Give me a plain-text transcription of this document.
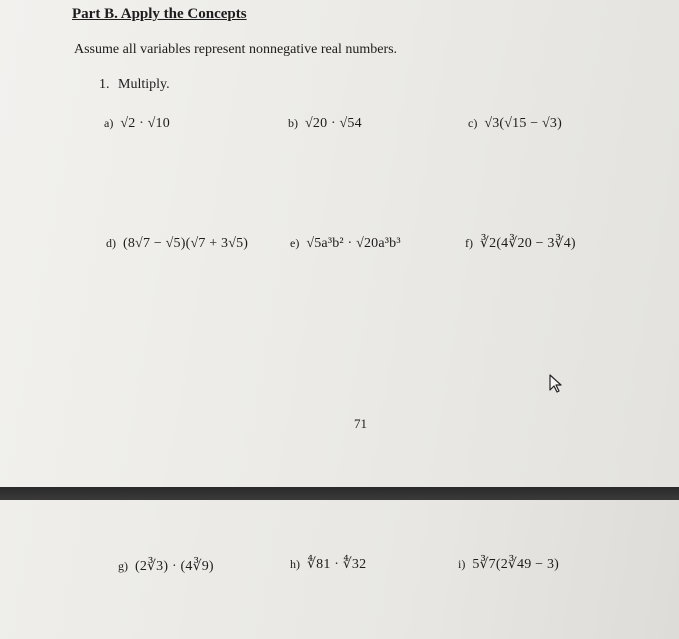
Part B. Apply the Concepts
Assume all variables represent nonnegative real numbers.
1. Multiply.
a) √2 · √10	b) √20 · √54	c) √3(√15 − √3)
d) (8√7 − √5)(√7 + 3√5)	e) √5a³b² · √20a³b³	f) ∛2(4∛20 − 3∛4)
71
g) (2∛3) · (4∛9)	h) ∜81 · ∜32	i) 5∛7(2∛49 − 3)
